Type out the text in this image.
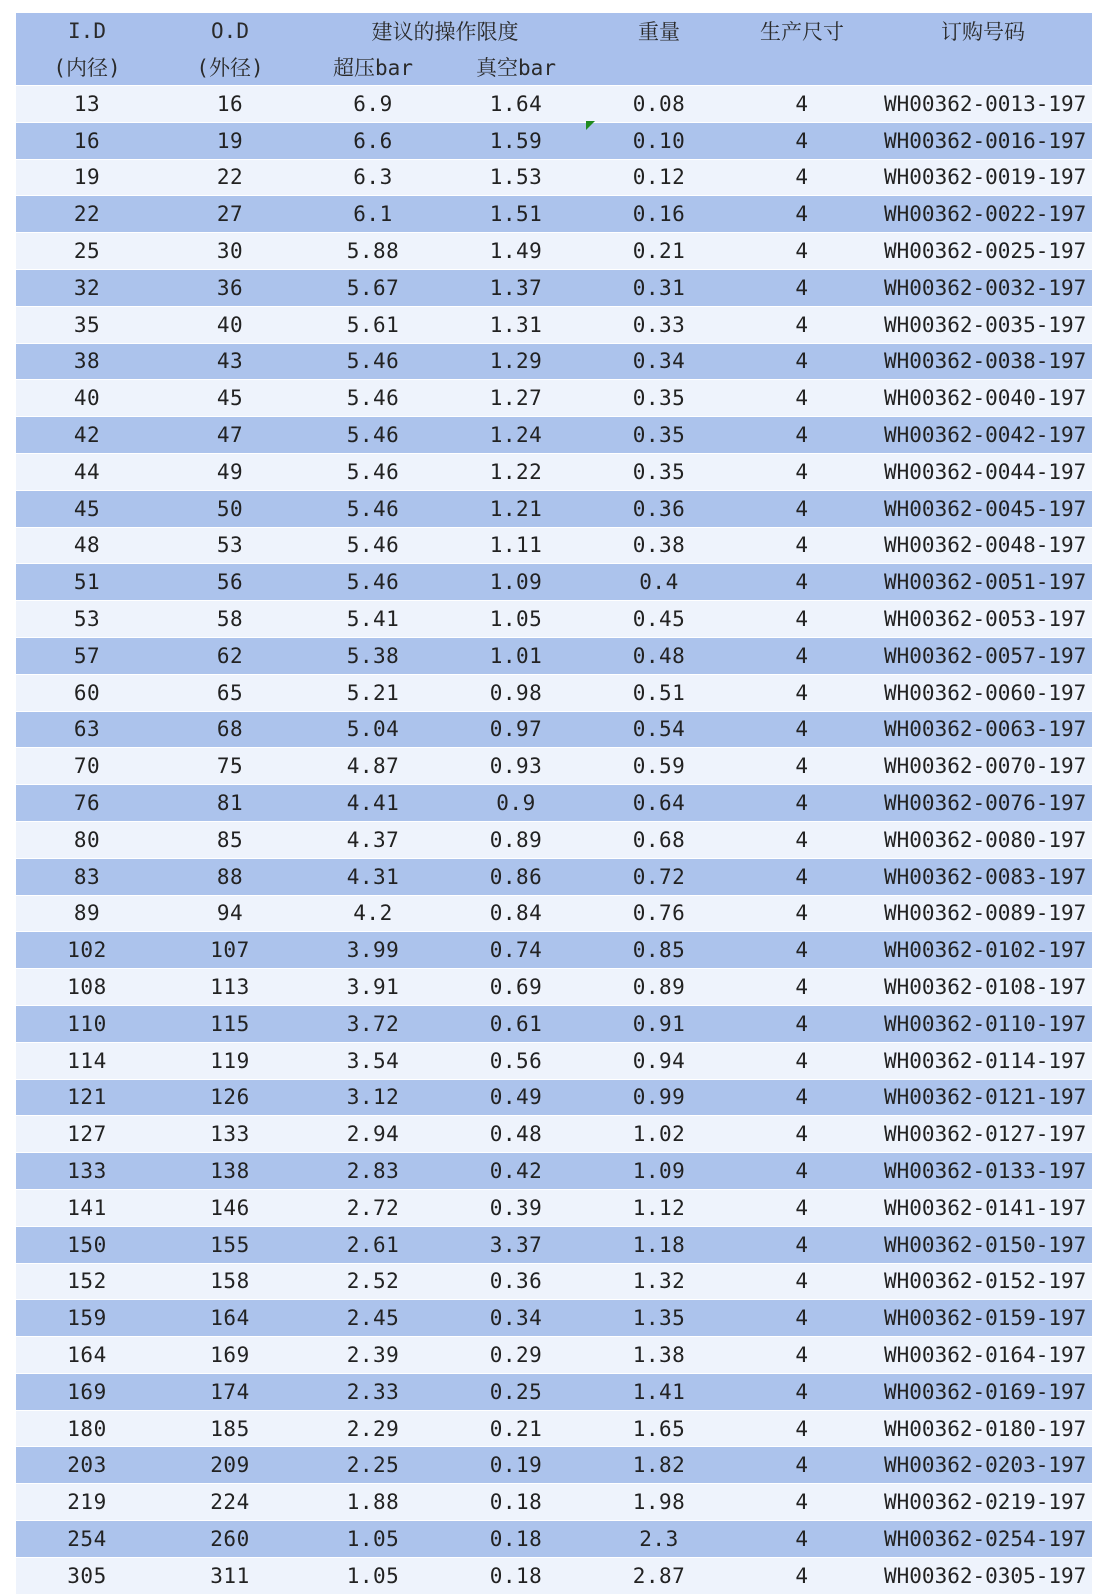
I.D	O.D	建议的操作限度		重量	生产尺寸	订购号码
(内径)	(外径)	超压bar	真空bar			
13	16	6.9	1.64	0.08	4	WH00362-0013-197
16	19	6.6	1.59	0.10	4	WH00362-0016-197
19	22	6.3	1.53	0.12	4	WH00362-0019-197
22	27	6.1	1.51	0.16	4	WH00362-0022-197
25	30	5.88	1.49	0.21	4	WH00362-0025-197
32	36	5.67	1.37	0.31	4	WH00362-0032-197
35	40	5.61	1.31	0.33	4	WH00362-0035-197
38	43	5.46	1.29	0.34	4	WH00362-0038-197
40	45	5.46	1.27	0.35	4	WH00362-0040-197
42	47	5.46	1.24	0.35	4	WH00362-0042-197
44	49	5.46	1.22	0.35	4	WH00362-0044-197
45	50	5.46	1.21	0.36	4	WH00362-0045-197
48	53	5.46	1.11	0.38	4	WH00362-0048-197
51	56	5.46	1.09	0.4	4	WH00362-0051-197
53	58	5.41	1.05	0.45	4	WH00362-0053-197
57	62	5.38	1.01	0.48	4	WH00362-0057-197
60	65	5.21	0.98	0.51	4	WH00362-0060-197
63	68	5.04	0.97	0.54	4	WH00362-0063-197
70	75	4.87	0.93	0.59	4	WH00362-0070-197
76	81	4.41	0.9	0.64	4	WH00362-0076-197
80	85	4.37	0.89	0.68	4	WH00362-0080-197
83	88	4.31	0.86	0.72	4	WH00362-0083-197
89	94	4.2	0.84	0.76	4	WH00362-0089-197
102	107	3.99	0.74	0.85	4	WH00362-0102-197
108	113	3.91	0.69	0.89	4	WH00362-0108-197
110	115	3.72	0.61	0.91	4	WH00362-0110-197
114	119	3.54	0.56	0.94	4	WH00362-0114-197
121	126	3.12	0.49	0.99	4	WH00362-0121-197
127	133	2.94	0.48	1.02	4	WH00362-0127-197
133	138	2.83	0.42	1.09	4	WH00362-0133-197
141	146	2.72	0.39	1.12	4	WH00362-0141-197
150	155	2.61	3.37	1.18	4	WH00362-0150-197
152	158	2.52	0.36	1.32	4	WH00362-0152-197
159	164	2.45	0.34	1.35	4	WH00362-0159-197
164	169	2.39	0.29	1.38	4	WH00362-0164-197
169	174	2.33	0.25	1.41	4	WH00362-0169-197
180	185	2.29	0.21	1.65	4	WH00362-0180-197
203	209	2.25	0.19	1.82	4	WH00362-0203-197
219	224	1.88	0.18	1.98	4	WH00362-0219-197
254	260	1.05	0.18	2.3	4	WH00362-0254-197
305	311	1.05	0.18	2.87	4	WH00362-0305-197
